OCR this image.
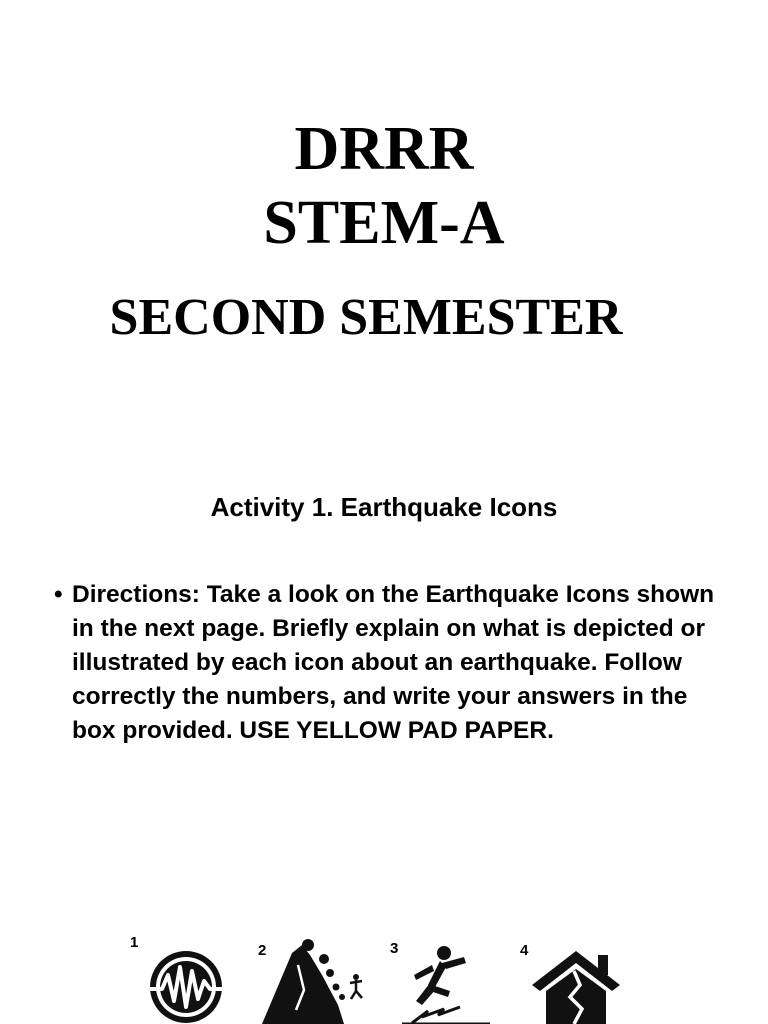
DRRR
STEM-A
SECOND SEMESTER
Activity 1. Earthquake Icons
• Directions: Take a look on the Earthquake Icons shown in the next page. Briefly explain on what is depicted or illustrated by each icon about an earthquake. Follow correctly the numbers, and write your answers in the box provided. USE YELLOW PAD PAPER.
1	2	3	4
